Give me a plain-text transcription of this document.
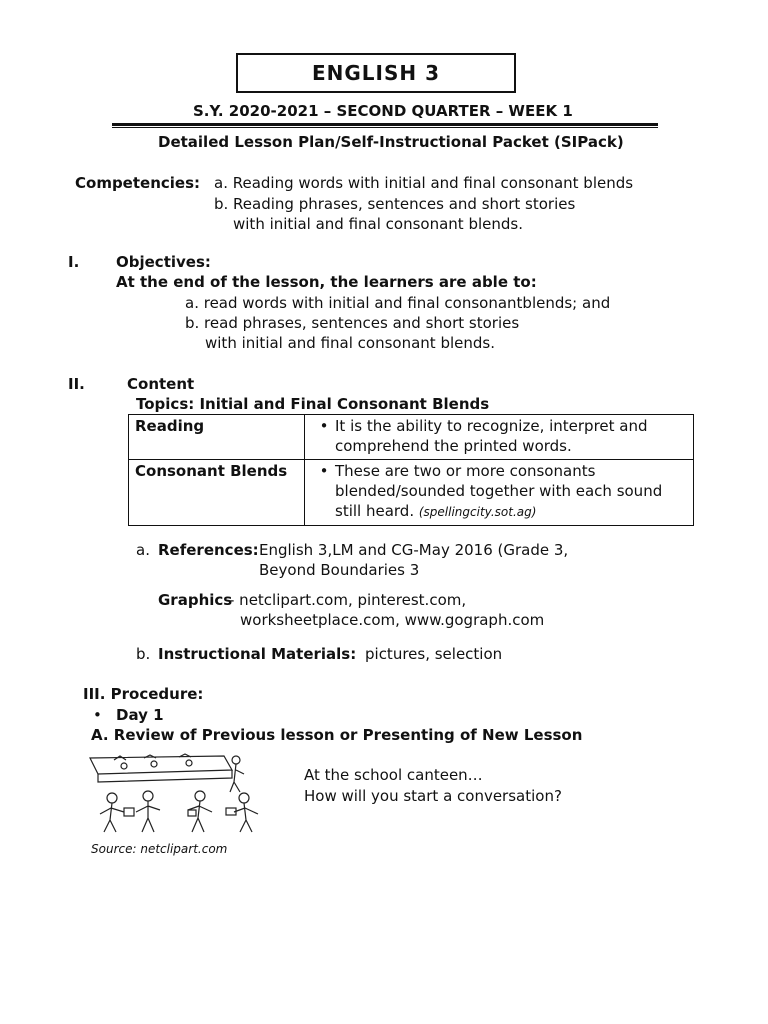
ENGLISH 3
S.Y. 2020-2021 – SECOND QUARTER – WEEK 1
Detailed Lesson Plan/Self-Instructional Packet (SIPack)
Competencies: a. Reading words with initial and final consonant blends
b. Reading phrases, sentences and short stories
with initial and final consonant blends.
I. Objectives:
At the end of the lesson, the learners are able to:
a. read words with initial and final consonantblends; and
b. read phrases, sentences and short stories
with initial and final consonant blends.
II.	Content
Topics: Initial and Final Consonant Blends
Reading	• It is the ability to recognize, interpret and comprehend the printed words.

Consonant Blends	• These are two or more consonants blended/sounded together with each sound still heard. (spellingcity.sot.ag)
a. References: English 3,LM and CG-May 2016 (Grade 3,
Beyond Boundaries 3
Graphics
- netclipart.com, pinterest.com,
worksheetplace.com, www.gograph.com
b. Instructional Materials: pictures, selection
III. Procedure:
• Day 1
A. Review of Previous lesson or Presenting of New Lesson
At the school canteen…
How will you start a conversation?
Source: netclipart.com
